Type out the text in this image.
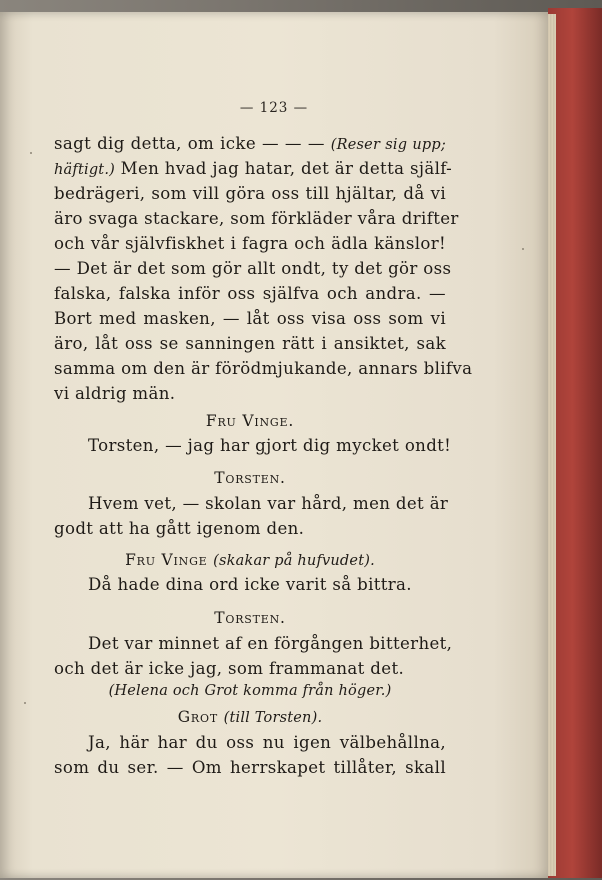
— 123 —
sagt dig detta, om icke — — — (Reser sig upp;
häftigt.) Men hvad jag hatar, det är detta själf-
bedrägeri, som vill göra oss till hjältar, då vi
äro svaga stackare, som förkläder våra drifter
och vår självfiskhet i fagra och ädla känslor!
— Det är det som gör allt ondt, ty det gör oss
falska, falska inför oss själfva och andra. —
Bort med masken, — låt oss visa oss som vi
äro, låt oss se sanningen rätt i ansiktet, sak
samma om den är förödmjukande, annars blifva
vi aldrig män.
Fru Vinge.
Torsten, — jag har gjort dig mycket ondt!
Torsten.
Hvem vet, — skolan var hård, men det är
godt att ha gått igenom den.
Fru Vinge (skakar på hufvudet).
Då hade dina ord icke varit så bittra.
Torsten.
Det var minnet af en förgången bitterhet,
och det är icke jag, som frammanat det.
(Helena och Grot komma från höger.)
Grot (till Torsten).
Ja, här har du oss nu igen välbehållna,
som du ser. — Om herrskapet tillåter, skall
